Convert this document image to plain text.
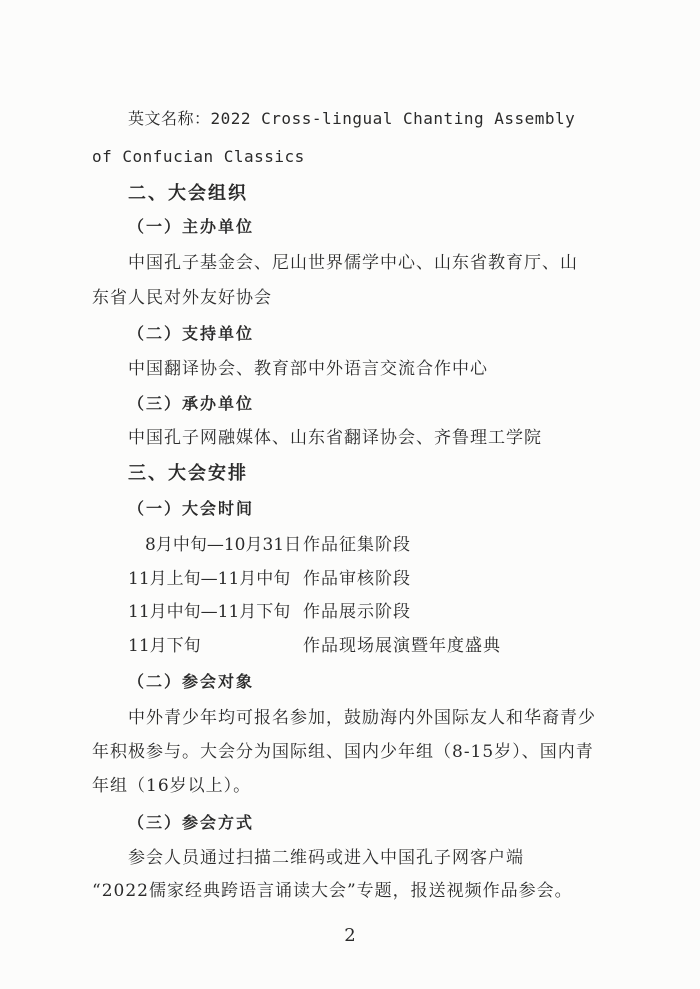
英文名称：2022 Cross-lingual Chanting Assembly
of Confucian Classics
二、大会组织
（一）主办单位
中国孔子基金会、尼山世界儒学中心、山东省教育厅、山
东省人民对外友好协会
（二）支持单位
中国翻译协会、教育部中外语言交流合作中心
（三）承办单位
中国孔子网融媒体、山东省翻译协会、齐鲁理工学院
三、大会安排
（一）大会时间
8月中旬—10月31日 作品征集阶段
11月上旬—11月中旬 作品审核阶段
11月中旬—11月下旬 作品展示阶段
11月下旬	作品现场展演暨年度盛典
（二）参会对象
中外青少年均可报名参加，鼓励海内外国际友人和华裔青少
年积极参与。大会分为国际组、国内少年组（8-15岁）、国内青
年组（16岁以上）。
（三）参会方式
参会人员通过扫描二维码或进入中国孔子网客户端
“2022儒家经典跨语言诵读大会”专题，报送视频作品参会。
2
